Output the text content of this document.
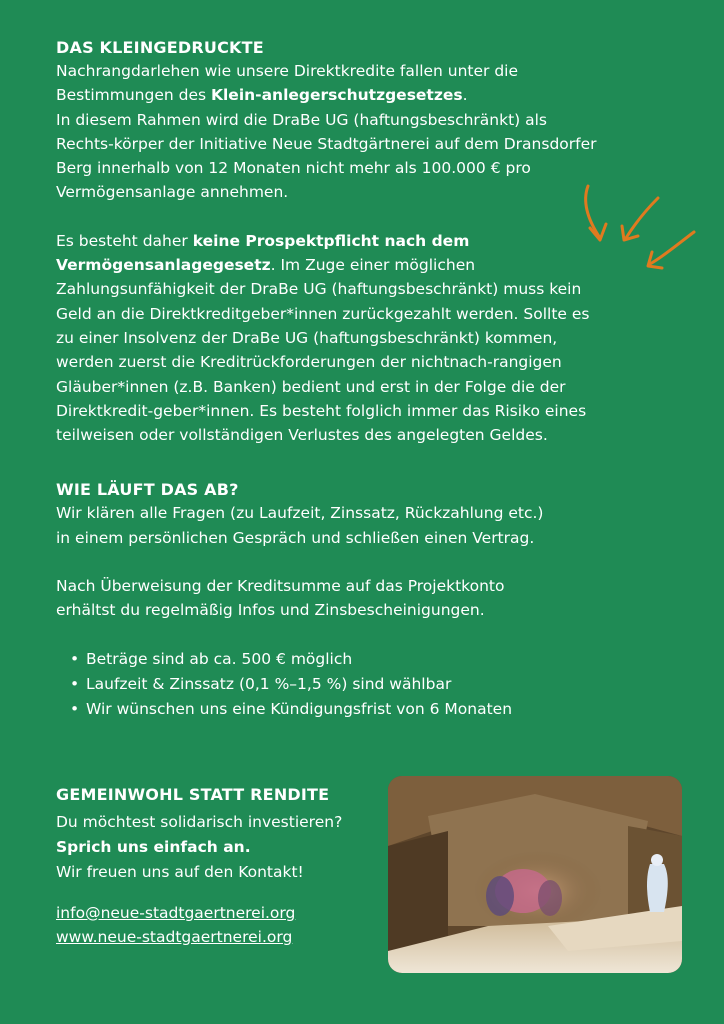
DAS KLEINGEDRUCKTE

Nachrangdarlehen wie unsere Direktkredite fallen unter die
Bestimmungen des Klein-anlegerschutzgesetzes.
In diesem Rahmen wird die DraBe UG (haftungsbeschränkt) als
Rechts-körper der Initiative Neue Stadtgärtnerei auf dem Dransdorfer
Berg innerhalb von 12 Monaten nicht mehr als 100.000 € pro
Vermögensanlage annehmen.

Es besteht daher keine Prospektpflicht nach dem
Vermögensanlagegesetz. Im Zuge einer möglichen
Zahlungsunfähigkeit der DraBe UG (haftungsbeschränkt) muss kein
Geld an die Direktkreditgeber*innen zurückgezahlt werden. Sollte es
zu einer Insolvenz der DraBe UG (haftungsbeschränkt) kommen,
werden zuerst die Kreditrückforderungen der nichtnach-rangigen
Gläuber*innen (z.B. Banken) bedient und erst in der Folge die der
Direktkredit-geber*innen. Es besteht folglich immer das Risiko eines
teilweisen oder vollständigen Verlustes des angelegten Geldes.

WIE LÄUFT DAS AB?

Wir klären alle Fragen (zu Laufzeit, Zinssatz, Rückzahlung etc.)
in einem persönlichen Gespräch und schließen einen Vertrag.

Nach Überweisung der Kreditsumme auf das Projektkonto
erhältst du regelmäßig Infos und Zinsbescheinigungen.

• Beträge sind ab ca. 500 € möglich
• Laufzeit & Zinssatz (0,1 %–1,5 %) sind wählbar
• Wir wünschen uns eine Kündigungsfrist von 6 Monaten
GEMEINWOHL STATT RENDITE

Du möchtest solidarisch investieren?
Sprich uns einfach an.
Wir freuen uns auf den Kontakt!

info@neue-stadtgaertnerei.org
www.neue-stadtgaertnerei.org
